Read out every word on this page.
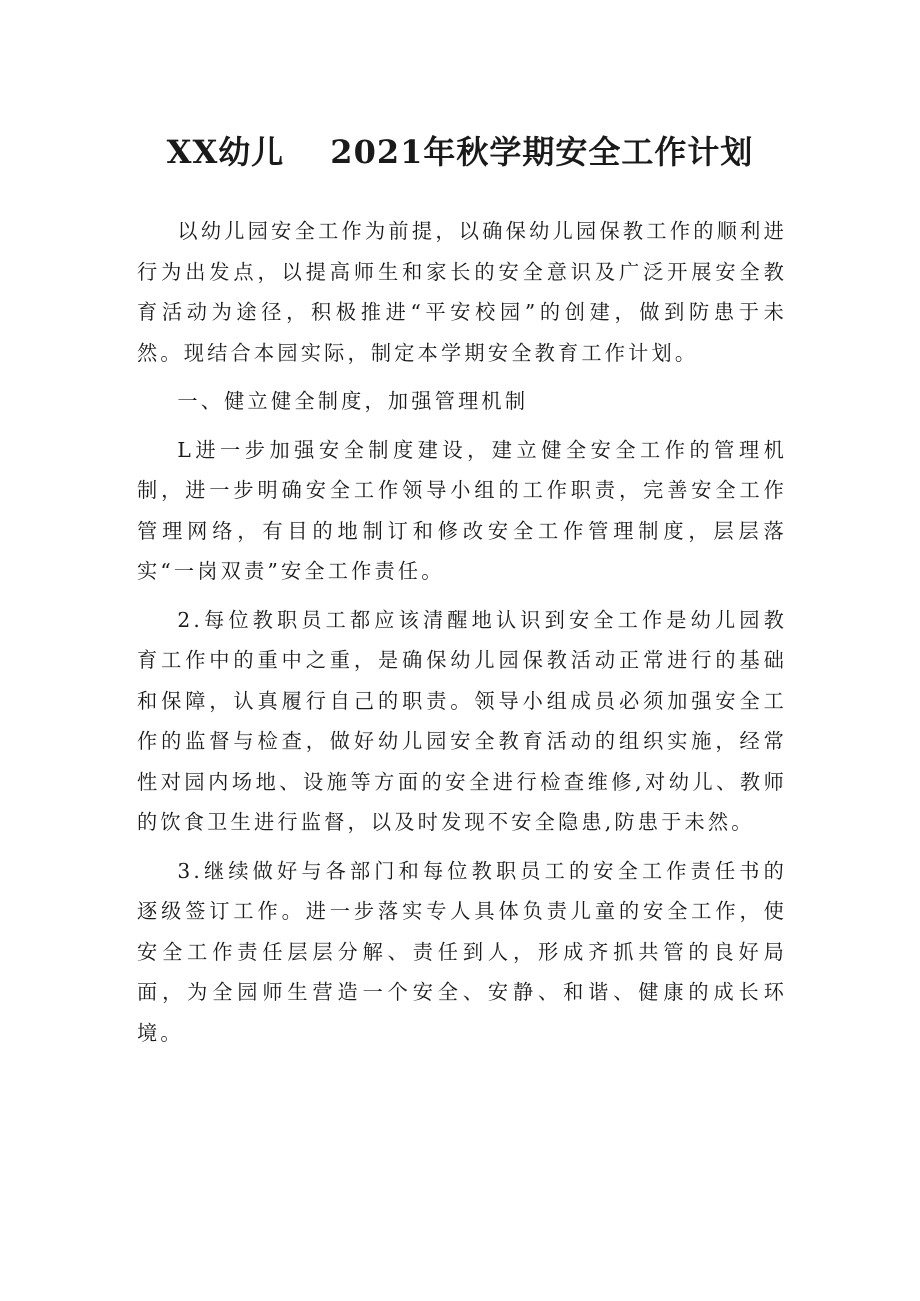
XX幼儿 2021年秋学期安全工作计划

以幼儿园安全工作为前提，以确保幼儿园保教工作的顺利进行为出发点，以提高师生和家长的安全意识及广泛开展安全教育活动为途径，积极推进“平安校园”的创建，做到防患于未然。现结合本园实际，制定本学期安全教育工作计划。

一、健立健全制度，加强管理机制

L进一步加强安全制度建设，建立健全安全工作的管理机制，进一步明确安全工作领导小组的工作职责，完善安全工作管理网络，有目的地制订和修改安全工作管理制度，层层落实“一岗双责”安全工作责任。

2.每位教职员工都应该清醒地认识到安全工作是幼儿园教育工作中的重中之重，是确保幼儿园保教活动正常进行的基础和保障，认真履行自己的职责。领导小组成员必须加强安全工作的监督与检查，做好幼儿园安全教育活动的组织实施，经常性对园内场地、设施等方面的安全进行检查维修,对幼儿、教师的饮食卫生进行监督，以及时发现不安全隐患,防患于未然。

3.继续做好与各部门和每位教职员工的安全工作责任书的逐级签订工作。进一步落实专人具体负责儿童的安全工作，使安全工作责任层层分解、责任到人，形成齐抓共管的良好局面，为全园师生营造一个安全、安静、和谐、健康的成长环境。
